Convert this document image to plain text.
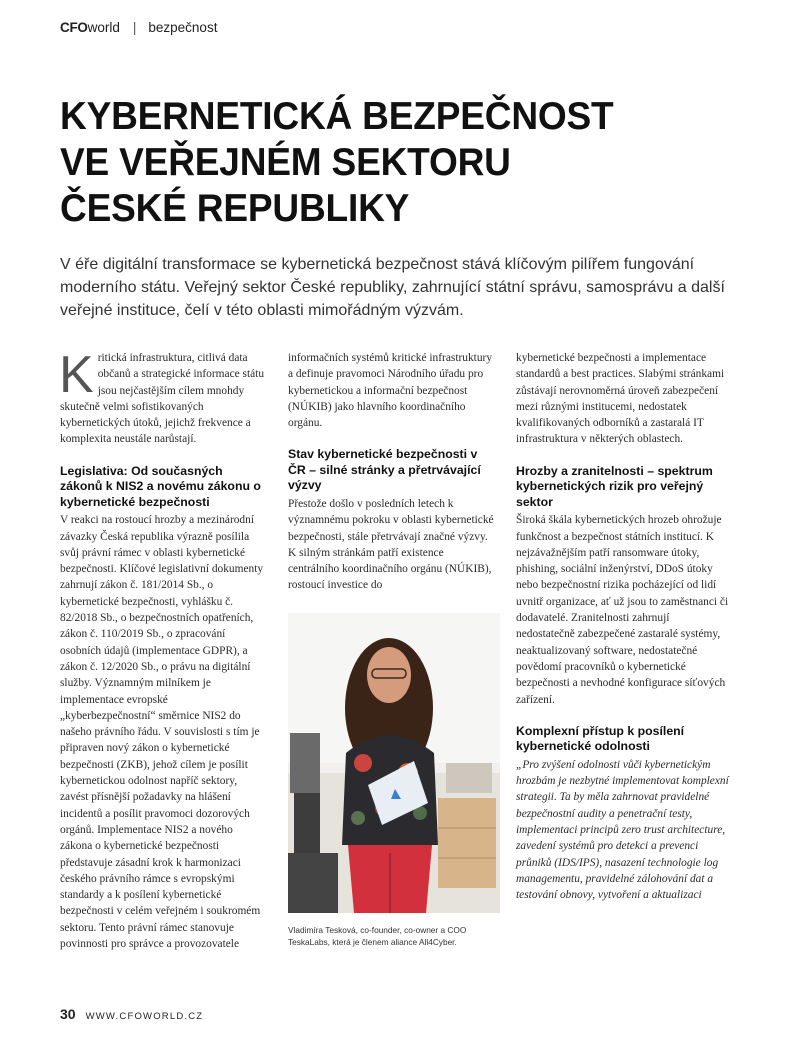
CFOworld | bezpečnost
KYBERNETICKÁ BEZPEČNOST
VE VEŘEJNÉM SEKTORU
ČESKÉ REPUBLIKY

V éře digitální transformace se kybernetická bezpečnost stává klíčovým pilířem fungování moderního státu. Veřejný sektor České republiky, zahrnující státní správu, samosprávu a další veřejné instituce, čelí v této oblasti mimořádným výzvám.

Kritická infrastruktura, citlivá data občanů a strategické informace státu jsou nejčastějším cílem mnohdy skutečně velmi sofistikovaných kybernetických útoků, jejichž frekvence a komplexita neustále narůstají.

Legislativa: Od současných zákonů k NIS2 a novému zákonu o kybernetické bezpečnosti

V reakci na rostoucí hrozby a mezinárodní závazky Česká republika výrazně posílila svůj právní rámec v oblasti kybernetické bezpečnosti. Klíčové legislativní dokumenty zahrnují zákon č. 181/2014 Sb., o kybernetické bezpečnosti, vyhlášku č. 82/2018 Sb., o bezpečnostních opatřeních, zákon č. 110/2019 Sb., o zpracování osobních údajů (implementace GDPR), a zákon č. 12/2020 Sb., o právu na digitální služby. Významným milníkem je implementace evropské „kyberbezpečnostní“ směrnice NIS2 do našeho právního řádu. V souvislosti s tím je připraven nový zákon o kybernetické bezpečnosti (ZKB), jehož cílem je posílit kybernetickou odolnost napříč sektory, zavést přísnější požadavky na hlášení incidentů a posílit pravomoci dozorových orgánů. Implementace NIS2 a nového zákona o kybernetické bezpečnosti představuje zásadní krok k harmonizaci českého právního rámce s evropskými standardy a k posílení kybernetické bezpečnosti v celém veřejném i soukromém sektoru. Tento právní rámec stanovuje povinnosti pro správce a provozovatele

informačních systémů kritické infrastruktury a definuje pravomoci Národního úřadu pro kybernetickou a informační bezpečnost (NÚKIB) jako hlavního koordinačního orgánu.

Stav kybernetické bezpečnosti v ČR – silné stránky a přetrvávající výzvy

Přestože došlo v posledních letech k významnému pokroku v oblasti kybernetické bezpečnosti, stále přetrvávají značné výzvy. K silným stránkám patří existence centrálního koordinačního orgánu (NÚKIB), rostoucí investice do

Vladimíra Tesková, co-founder, co-owner a COO TeskaLabs, která je členem aliance All4Cyber.

kybernetické bezpečnosti a implementace standardů a best practices. Slabými stránkami zůstávají nerovnoměrná úroveň zabezpečení mezi různými institucemi, nedostatek kvalifikovaných odborníků a zastaralá IT infrastruktura v některých oblastech.

Hrozby a zranitelnosti – spektrum kybernetických rizik pro veřejný sektor

Široká škála kybernetických hrozeb ohrožuje funkčnost a bezpečnost státních institucí. K nejzávažnějším patří ransomware útoky, phishing, sociální inženýrství, DDoS útoky nebo bezpečnostní rizika pocházející od lidí uvnitř organizace, ať už jsou to zaměstnanci či dodavatelé. Zranitelnosti zahrnují nedostatečně zabezpečené zastaralé systémy, neaktualizovaný software, nedostatečné povědomí pracovníků o kybernetické bezpečnosti a nevhodné konfigurace síťových zařízení.

Komplexní přístup k posílení kybernetické odolnosti

„Pro zvýšení odolnosti vůči kybernetickým hrozbám je nezbytné implementovat komplexní strategii. Ta by měla zahrnovat pravidelné bezpečnostní audity a penetrační testy, implementaci principů zero trust architecture, zavedení systémů pro detekci a prevenci průniků (IDS/IPS), nasazení technologie log managementu, pravidelné zálohování dat a testování obnovy, vytvoření a aktualizaci

30 WWW.CFOWORLD.CZ
